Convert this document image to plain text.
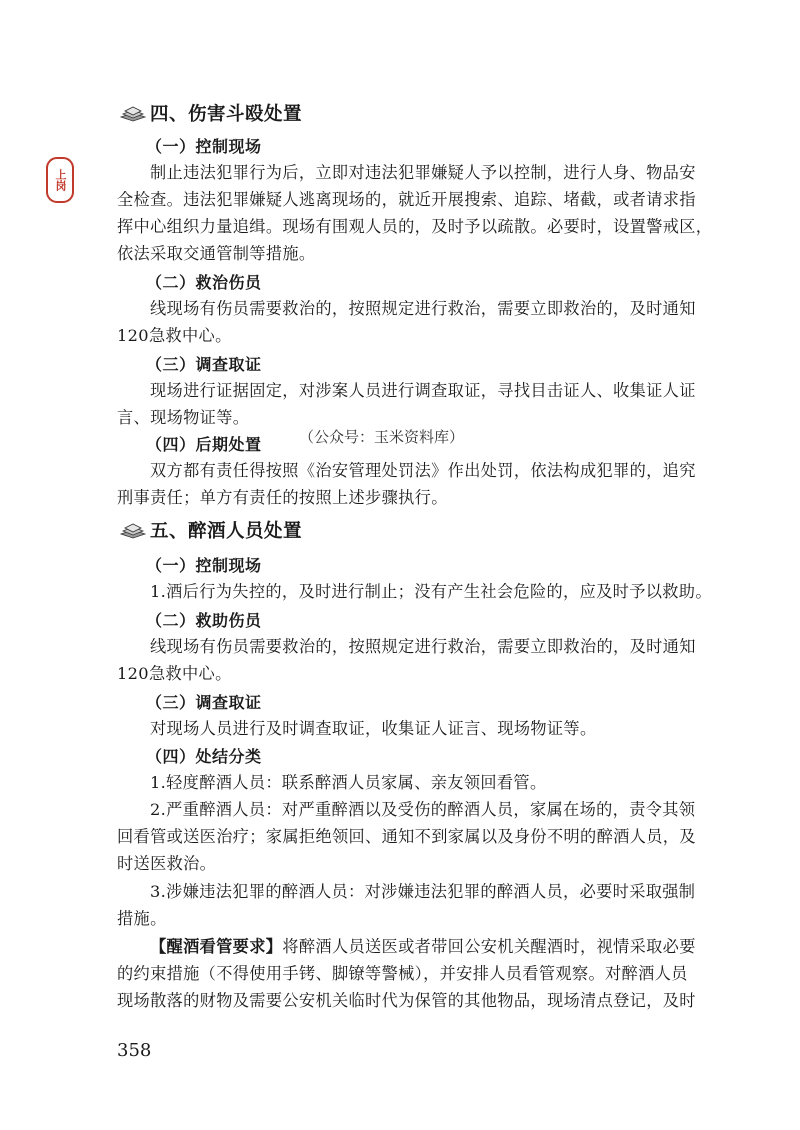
上岗
四、伤害斗殴处置
（一）控制现场
制止违法犯罪行为后，立即对违法犯罪嫌疑人予以控制，进行人身、物品安
全检查。违法犯罪嫌疑人逃离现场的，就近开展搜索、追踪、堵截，或者请求指
挥中心组织力量追缉。现场有围观人员的，及时予以疏散。必要时，设置警戒区，
依法采取交通管制等措施。
（二）救治伤员
线现场有伤员需要救治的，按照规定进行救治，需要立即救治的，及时通知
120急救中心。
（三）调查取证
现场进行证据固定，对涉案人员进行调查取证，寻找目击证人、收集证人证
言、现场物证等。
（四）后期处置 （公众号：玉米资料库）
双方都有责任得按照《治安管理处罚法》作出处罚，依法构成犯罪的，追究
刑事责任；单方有责任的按照上述步骤执行。
五、醉酒人员处置
（一）控制现场
1.酒后行为失控的，及时进行制止；没有产生社会危险的，应及时予以救助。
（二）救助伤员
线现场有伤员需要救治的，按照规定进行救治，需要立即救治的，及时通知
120急救中心。
（三）调查取证
对现场人员进行及时调查取证，收集证人证言、现场物证等。
（四）处结分类
1.轻度醉酒人员：联系醉酒人员家属、亲友领回看管。
2.严重醉酒人员：对严重醉酒以及受伤的醉酒人员，家属在场的，责令其领
回看管或送医治疗；家属拒绝领回、通知不到家属以及身份不明的醉酒人员，及
时送医救治。
3.涉嫌违法犯罪的醉酒人员：对涉嫌违法犯罪的醉酒人员，必要时采取强制
措施。
【醒酒看管要求】将醉酒人员送医或者带回公安机关醒酒时，视情采取必要
的约束措施（不得使用手铐、脚镣等警械），并安排人员看管观察。对醉酒人员
现场散落的财物及需要公安机关临时代为保管的其他物品，现场清点登记，及时
358
